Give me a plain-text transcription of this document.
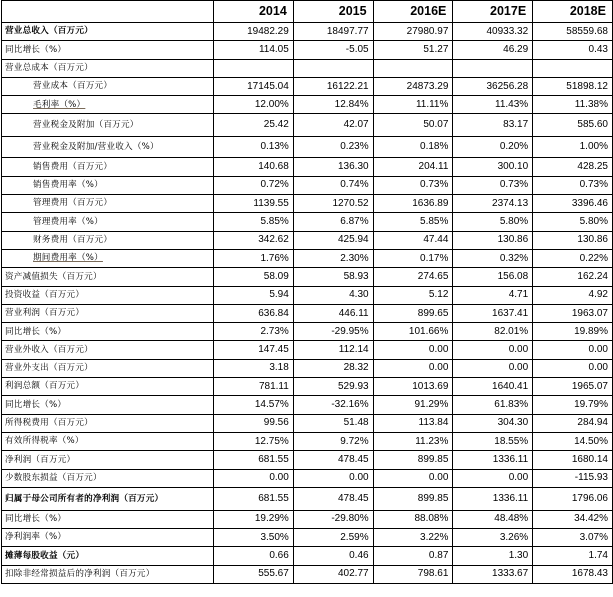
	2014	2015	2016E	2017E	2018E
营业总收入（百万元）	19482.29	18497.77	27980.97	40933.32	58559.68
同比增长（%）	114.05	-5.05	51.27	46.29	0.43
营业总成本（百万元）					
营业成本（百万元）	17145.04	16122.21	24873.29	36256.28	51898.12
毛利率（%）	12.00%	12.84%	11.11%	11.43%	11.38%
营业税金及附加（百万元）	25.42	42.07	50.07	83.17	585.60
营业税金及附加/营业收入（%）	0.13%	0.23%	0.18%	0.20%	1.00%
销售费用（百万元）	140.68	136.30	204.11	300.10	428.25
销售费用率（%）	0.72%	0.74%	0.73%	0.73%	0.73%
管理费用（百万元）	1139.55	1270.52	1636.89	2374.13	3396.46
管理费用率（%）	5.85%	6.87%	5.85%	5.80%	5.80%
财务费用（百万元）	342.62	425.94	47.44	130.86	130.86
期间费用率（%）	1.76%	2.30%	0.17%	0.32%	0.22%
资产减值损失（百万元）	58.09	58.93	274.65	156.08	162.24
投资收益（百万元）	5.94	4.30	5.12	4.71	4.92
营业利润（百万元）	636.84	446.11	899.65	1637.41	1963.07
同比增长（%）	2.73%	-29.95%	101.66%	82.01%	19.89%
营业外收入（百万元）	147.45	112.14	0.00	0.00	0.00
营业外支出（百万元）	3.18	28.32	0.00	0.00	0.00
利润总额（百万元）	781.11	529.93	1013.69	1640.41	1965.07
同比增长（%）	14.57%	-32.16%	91.29%	61.83%	19.79%
所得税费用（百万元）	99.56	51.48	113.84	304.30	284.94
有效所得税率（%）	12.75%	9.72%	11.23%	18.55%	14.50%
净利润（百万元）	681.55	478.45	899.85	1336.11	1680.14
少数股东损益（百万元）	0.00	0.00	0.00	0.00	-115.93
归属于母公司所有者的净利润（百万元）	681.55	478.45	899.85	1336.11	1796.06
同比增长（%）	19.29%	-29.80%	88.08%	48.48%	34.42%
净利润率（%）	3.50%	2.59%	3.22%	3.26%	3.07%
摊薄每股收益（元）	0.66	0.46	0.87	1.30	1.74
扣除非经常损益后的净利润（百万元）	555.67	402.77	798.61	1333.67	1678.43
